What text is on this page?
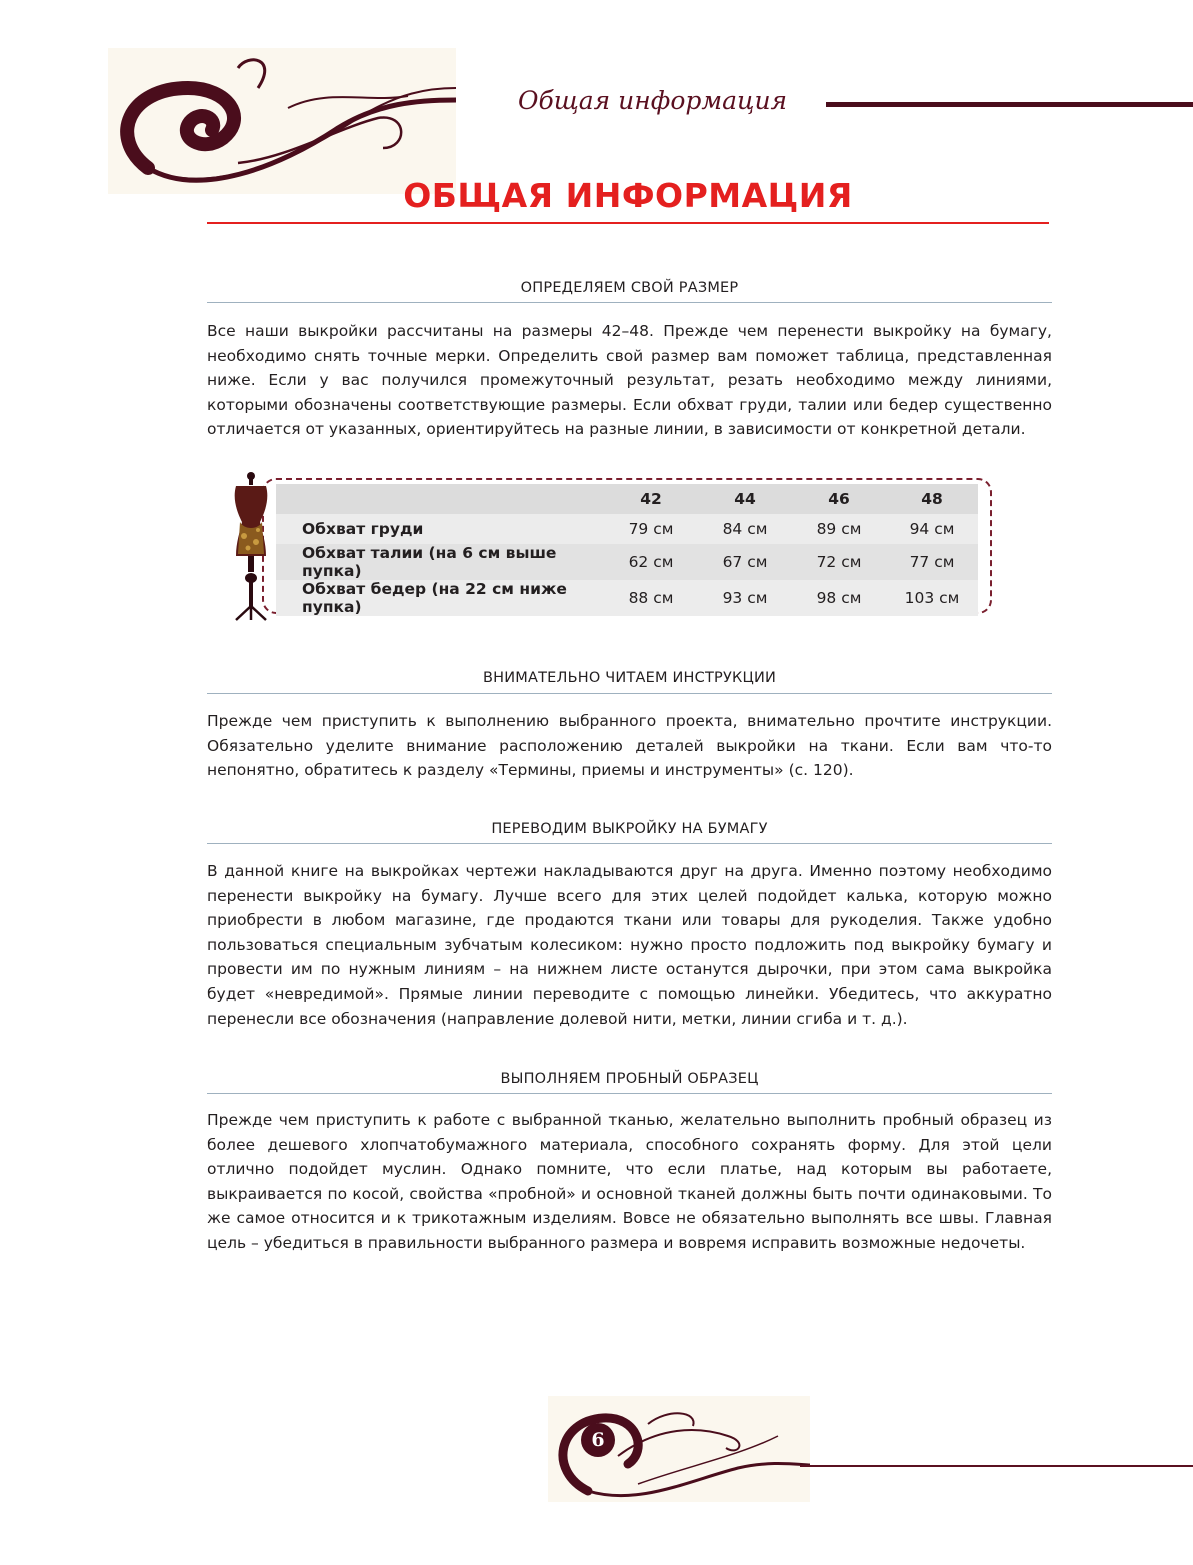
Общая информация
ОБЩАЯ ИНФОРМАЦИЯ
ОПРЕДЕЛЯЕМ СВОЙ РАЗМЕР
Все наши выкройки рассчитаны на размеры 42–48. Прежде чем перенести выкройку на бумагу, необходимо снять точные мерки. Определить свой размер вам поможет таблица, представленная ниже. Если у вас получился промежуточный результат, резать необходимо между линиями, которыми обозначены соответствующие размеры. Если обхват груди, талии или бедер существенно отличается от указанных, ориентируйтесь на разные линии, в зависимости от конкретной детали.
	42	44	46	48
Обхват груди	79 см	84 см	89 см	94 см
Обхват талии (на 6 см выше пупка)	62 см	67 см	72 см	77 см
Обхват бедер (на 22 см ниже пупка)	88 см	93 см	98 см	103 см
ВНИМАТЕЛЬНО ЧИТАЕМ ИНСТРУКЦИИ
Прежде чем приступить к выполнению выбранного проекта, внимательно прочтите инструкции. Обязательно уделите внимание расположению деталей выкройки на ткани. Если вам что-то непонятно, обратитесь к разделу «Термины, приемы и инструменты» (с. 120).
ПЕРЕВОДИМ ВЫКРОЙКУ НА БУМАГУ
В данной книге на выкройках чертежи накладываются друг на друга. Именно поэтому необходимо перенести выкройку на бумагу. Лучше всего для этих целей подойдет калька, которую можно приобрести в любом магазине, где продаются ткани или товары для рукоделия. Также удобно пользоваться специальным зубчатым колесиком: нужно просто подложить под выкройку бумагу и провести им по нужным линиям – на нижнем листе останутся дырочки, при этом сама выкройка будет «невредимой». Прямые линии переводите с помощью линейки. Убедитесь, что аккуратно перенесли все обозначения (направление долевой нити, метки, линии сгиба и т. д.).
ВЫПОЛНЯЕМ ПРОБНЫЙ ОБРАЗЕЦ
Прежде чем приступить к работе с выбранной тканью, желательно выполнить пробный образец из более дешевого хлопчатобумажного материала, способного сохранять форму. Для этой цели отлично подойдет муслин. Однако помните, что если платье, над которым вы работаете, выкраивается по косой, свойства «пробной» и основной тканей должны быть почти одинаковыми. То же самое относится и к трикотажным изделиям. Вовсе не обязательно выполнять все швы. Главная цель – убедиться в правильности выбранного размера и вовремя исправить возможные недочеты.
6
